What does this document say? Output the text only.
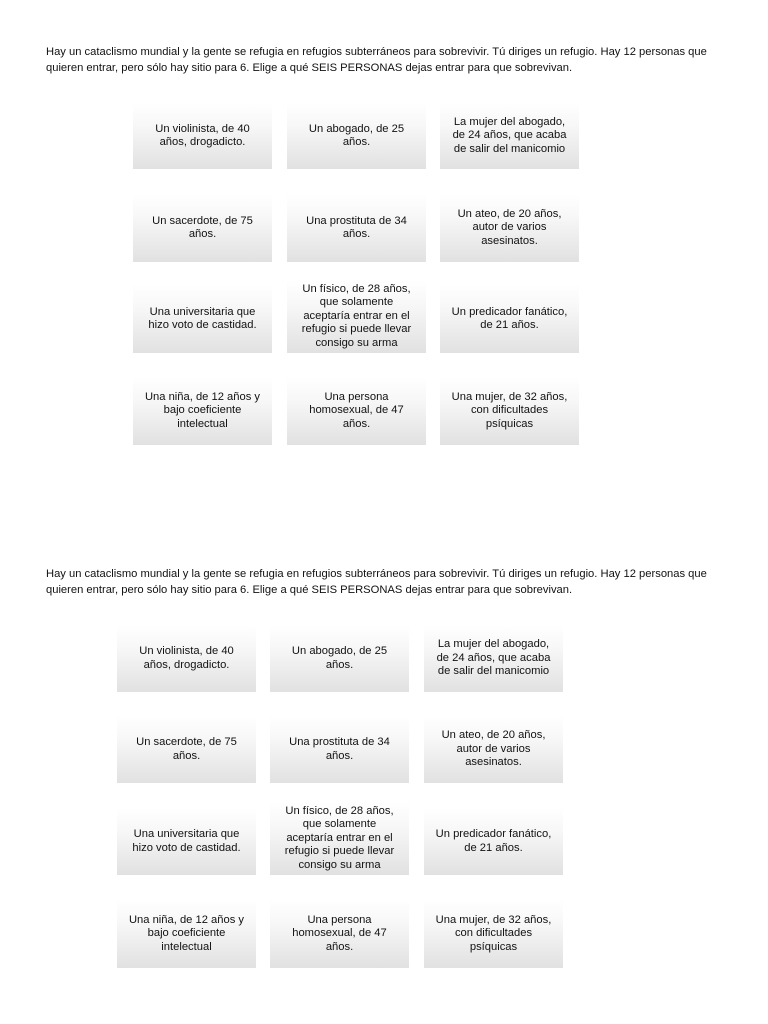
Hay un cataclismo mundial y la gente se refugia en refugios subterráneos para sobrevivir. Tú diriges un refugio. Hay 12 personas que quieren entrar, pero sólo hay sitio para 6. Elige a qué SEIS PERSONAS dejas entrar para que sobrevivan.

Un violinista, de 40 años, drogadicto.
Un abogado, de 25 años.
La mujer del abogado, de 24 años, que acaba de salir del manicomio
Un sacerdote, de 75 años.
Una prostituta de 34 años.
Un ateo, de 20 años, autor de varios asesinatos.
Una universitaria que hizo voto de castidad.
Un físico, de 28 años, que solamente aceptaría entrar en el refugio si puede llevar consigo su arma
Un predicador fanático, de 21 años.
Una niña, de 12 años y bajo coeficiente intelectual
Una persona homosexual, de 47 años.
Una mujer, de 32 años, con dificultades psíquicas

Hay un cataclismo mundial y la gente se refugia en refugios subterráneos para sobrevivir. Tú diriges un refugio. Hay 12 personas que quieren entrar, pero sólo hay sitio para 6. Elige a qué SEIS PERSONAS dejas entrar para que sobrevivan.

Un violinista, de 40 años, drogadicto.
Un abogado, de 25 años.
La mujer del abogado, de 24 años, que acaba de salir del manicomio
Un sacerdote, de 75 años.
Una prostituta de 34 años.
Un ateo, de 20 años, autor de varios asesinatos.
Una universitaria que hizo voto de castidad.
Un físico, de 28 años, que solamente aceptaría entrar en el refugio si puede llevar consigo su arma
Un predicador fanático, de 21 años.
Una niña, de 12 años y bajo coeficiente intelectual
Una persona homosexual, de 47 años.
Una mujer, de 32 años, con dificultades psíquicas
